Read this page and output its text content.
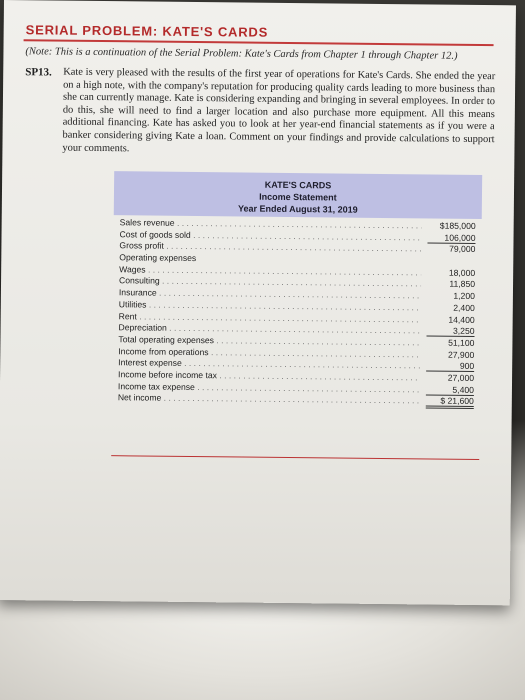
SERIAL PROBLEM: KATE'S CARDS
(Note: This is a continuation of the Serial Problem: Kate's Cards from Chapter 1 through Chapter 12.)
SP13. Kate is very pleased with the results of the first year of operations for Kate's Cards. She ended the year on a high note, with the company's reputation for producing quality cards leading to more business than she can currently manage. Kate is considering expanding and bringing in several employees. In order to do this, she will need to find a larger location and also purchase more equipment. All this means additional financing. Kate has asked you to look at her year-end financial statements as if you were a banker considering giving Kate a loan. Comment on your findings and provide calculations to support your comments.
KATE'S CARDS
Income Statement
Year Ended August 31, 2019
Sales revenue . . .	$185,000
Cost of goods sold . . .	106,000
Gross profit . . .	79,000
Operating expenses
Wages . . .	18,000
Consulting . . .	11,850
Insurance . . .	1,200
Utilities . . .	2,400
Rent . . .	14,400
Depreciation . . .	3,250
Total operating expenses . . .	51,100
Income from operations . . .	27,900
Interest expense . . .	900
Income before income tax . . .	27,000
Income tax expense . . .	5,400
Net income . . .	$ 21,600
